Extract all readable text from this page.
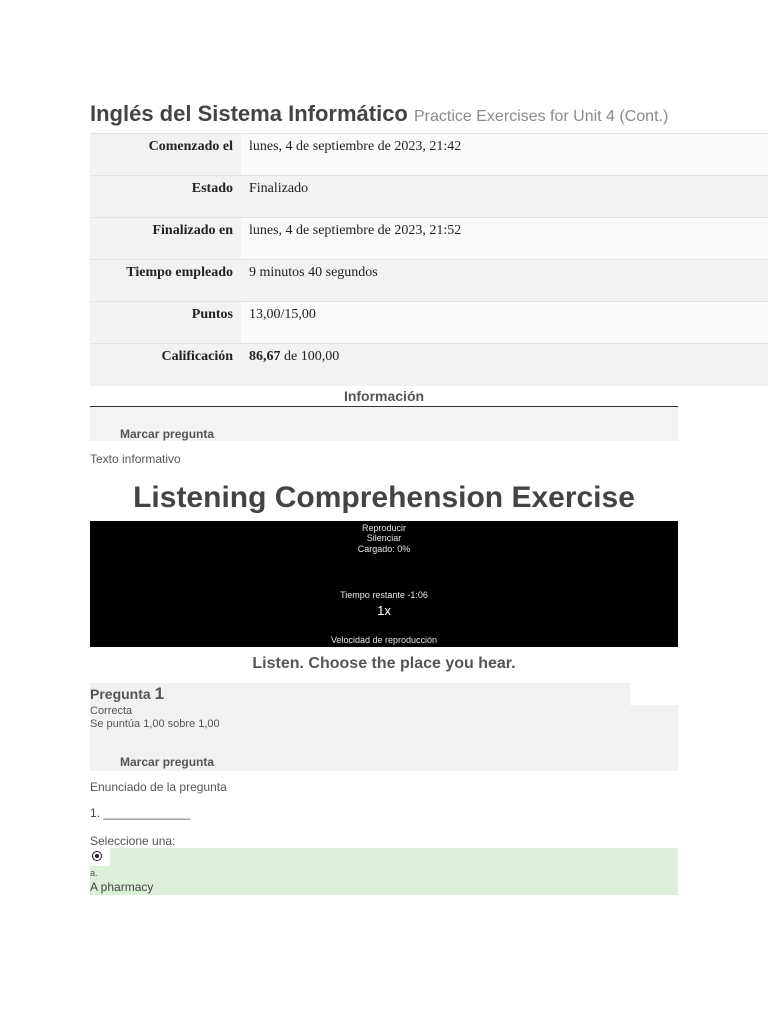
Inglés del Sistema Informático Practice Exercises for Unit 4 (Cont.)
Comenzado el	lunes, 4 de septiembre de 2023, 21:42
Estado	Finalizado
Finalizado en	lunes, 4 de septiembre de 2023, 21:52
Tiempo empleado	9 minutos 40 segundos
Puntos	13,00/15,00
Calificación	86,67 de 100,00
Información
Marcar pregunta
Texto informativo
Listening Comprehension Exercise
Reproducir
Silenciar
Cargado: 0%
Tiempo restante -1:06
1x
Velocidad de reproducción
Listen. Choose the place you hear.
Pregunta 1
Correcta
Se puntúa 1,00 sobre 1,00
Marcar pregunta
Enunciado de la pregunta
1. _____________
Seleccione una:
a.
A pharmacy
